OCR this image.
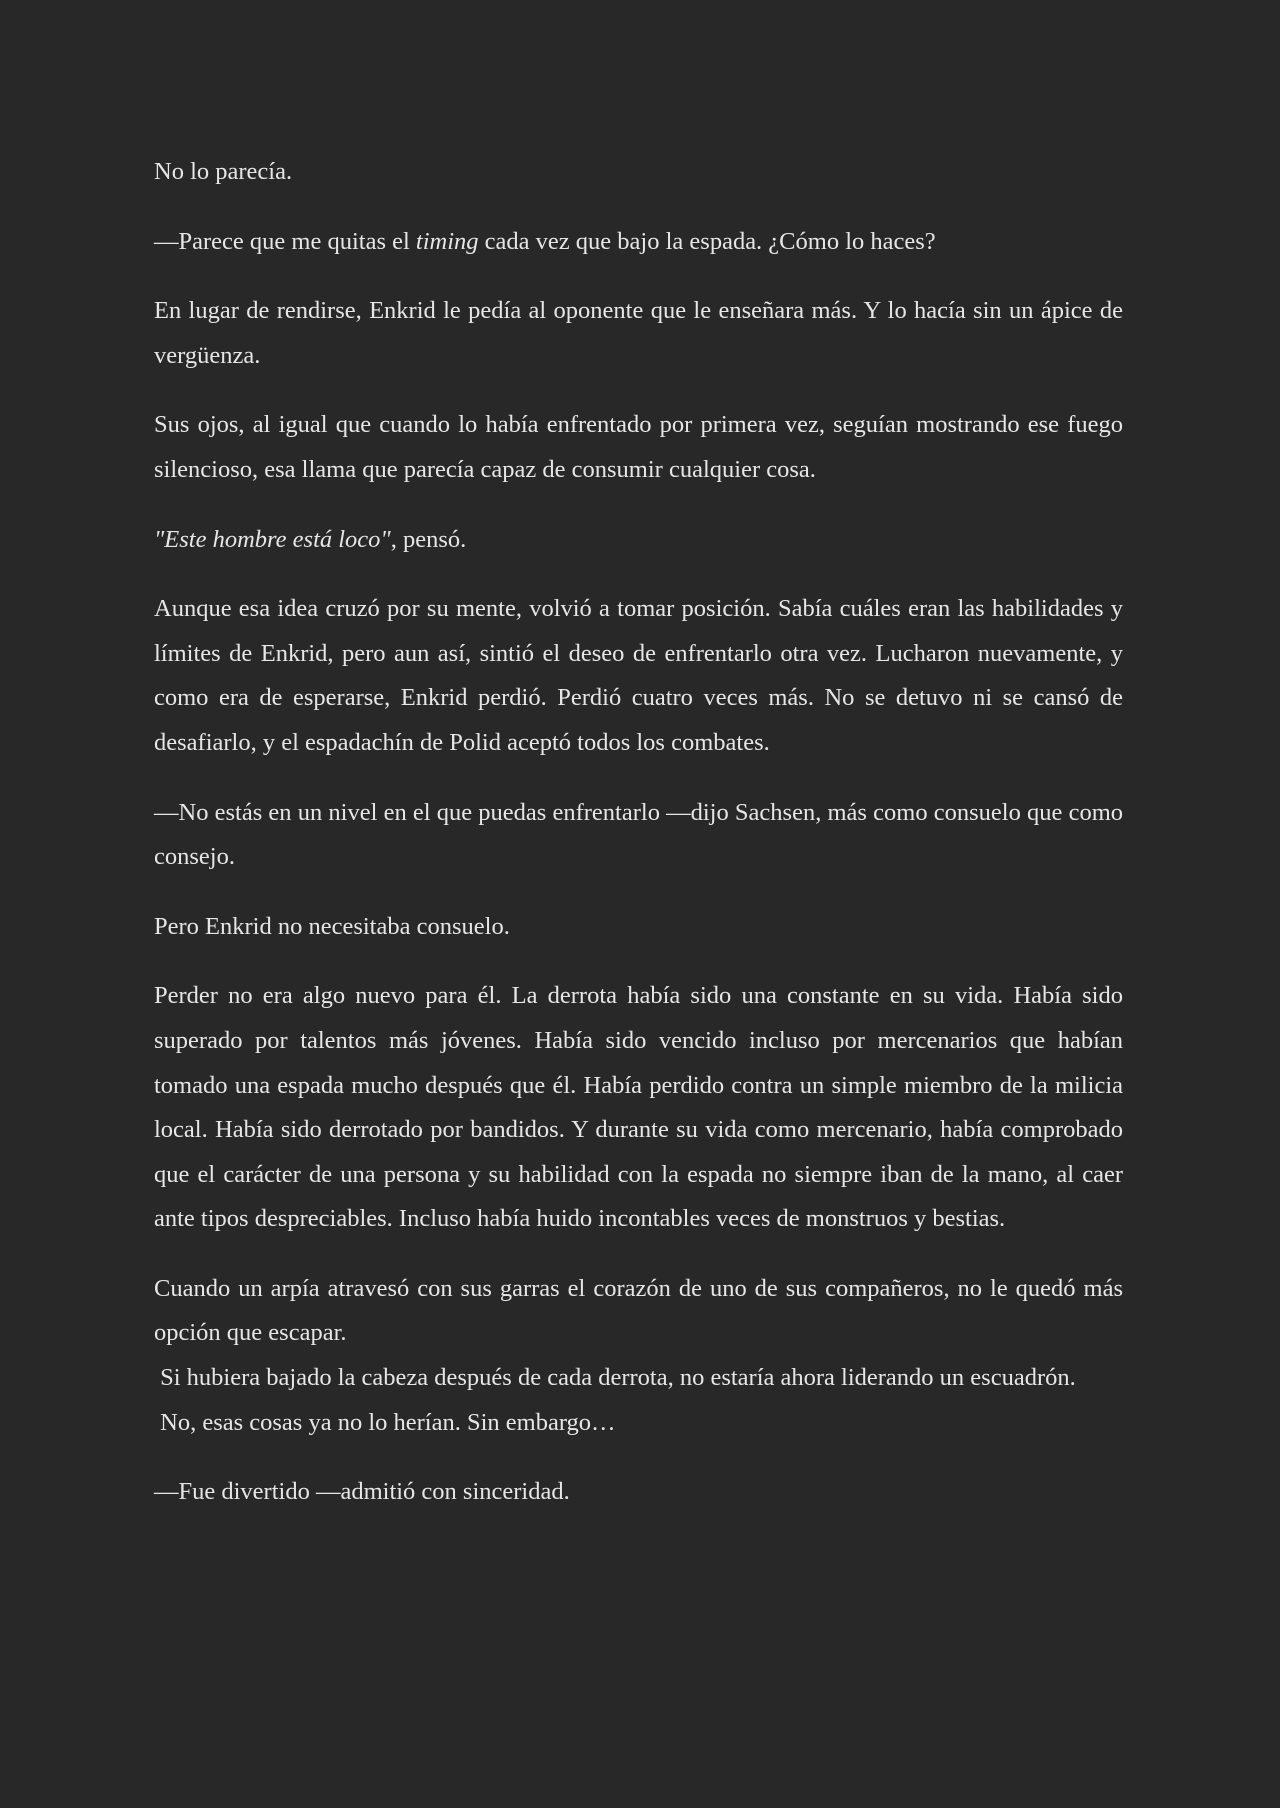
No lo parecía.

—Parece que me quitas el timing cada vez que bajo la espada. ¿Cómo lo haces?

En lugar de rendirse, Enkrid le pedía al oponente que le enseñara más. Y lo hacía sin un ápice de vergüenza.

Sus ojos, al igual que cuando lo había enfrentado por primera vez, seguían mostrando ese fuego silencioso, esa llama que parecía capaz de consumir cualquier cosa.

"Este hombre está loco", pensó.

Aunque esa idea cruzó por su mente, volvió a tomar posición. Sabía cuáles eran las habilidades y límites de Enkrid, pero aun así, sintió el deseo de enfrentarlo otra vez. Lucharon nuevamente, y como era de esperarse, Enkrid perdió. Perdió cuatro veces más. No se detuvo ni se cansó de desafiarlo, y el espadachín de Polid aceptó todos los combates.

—No estás en un nivel en el que puedas enfrentarlo —dijo Sachsen, más como consuelo que como consejo.

Pero Enkrid no necesitaba consuelo.

Perder no era algo nuevo para él. La derrota había sido una constante en su vida. Había sido superado por talentos más jóvenes. Había sido vencido incluso por mercenarios que habían tomado una espada mucho después que él. Había perdido contra un simple miembro de la milicia local. Había sido derrotado por bandidos. Y durante su vida como mercenario, había comprobado que el carácter de una persona y su habilidad con la espada no siempre iban de la mano, al caer ante tipos despreciables. Incluso había huido incontables veces de monstruos y bestias.

Cuando un arpía atravesó con sus garras el corazón de uno de sus compañeros, no le quedó más opción que escapar.

Si hubiera bajado la cabeza después de cada derrota, no estaría ahora liderando un escuadrón.

No, esas cosas ya no lo herían. Sin embargo…

—Fue divertido —admitió con sinceridad.
